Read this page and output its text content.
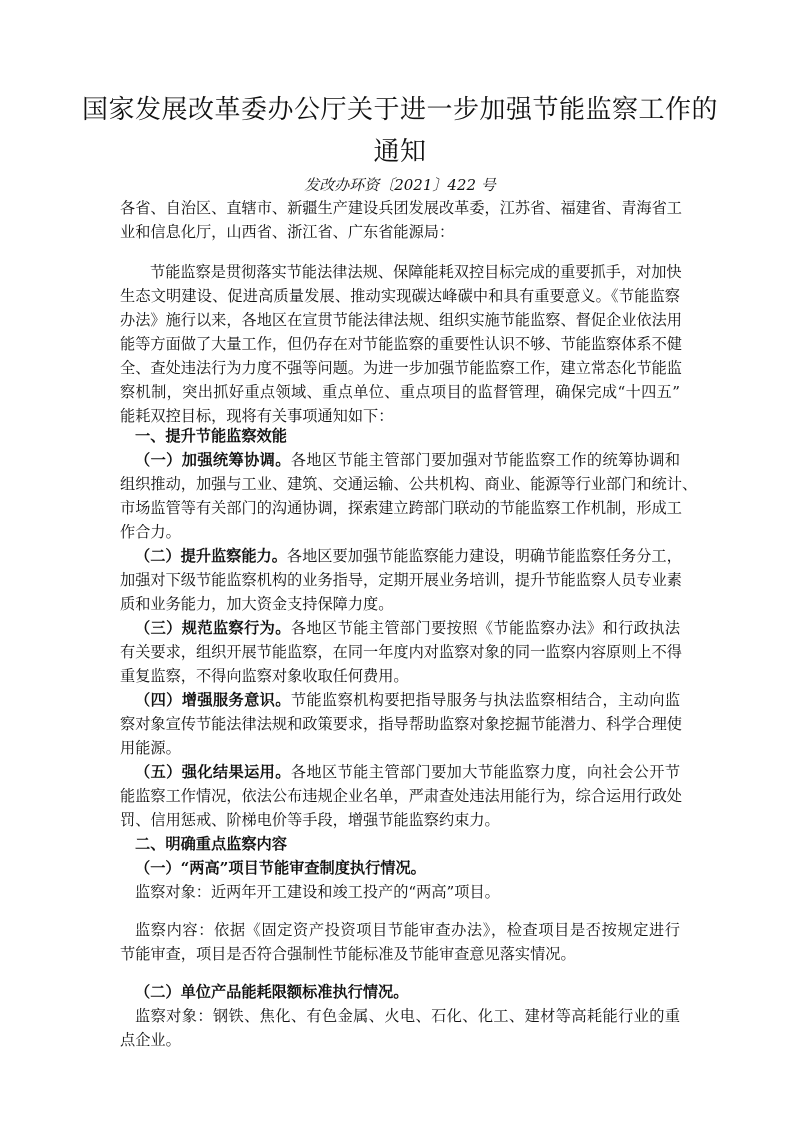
国家发展改革委办公厅关于进一步加强节能监察工作的
通知
发改办环资〔2021〕422 号
各省、自治区、直辖市、新疆生产建设兵团发展改革委，江苏省、福建省、青海省工
业和信息化厅，山西省、浙江省、广东省能源局：
节能监察是贯彻落实节能法律法规、保障能耗双控目标完成的重要抓手，对加快
生态文明建设、促进高质量发展、推动实现碳达峰碳中和具有重要意义。《节能监察
办法》施行以来，各地区在宣贯节能法律法规、组织实施节能监察、督促企业依法用
能等方面做了大量工作，但仍存在对节能监察的重要性认识不够、节能监察体系不健
全、查处违法行为力度不强等问题。为进一步加强节能监察工作，建立常态化节能监
察机制，突出抓好重点领域、重点单位、重点项目的监督管理，确保完成“十四五”
能耗双控目标，现将有关事项通知如下：
一、提升节能监察效能
（一）加强统筹协调。各地区节能主管部门要加强对节能监察工作的统筹协调和
组织推动，加强与工业、建筑、交通运输、公共机构、商业、能源等行业部门和统计、
市场监管等有关部门的沟通协调，探索建立跨部门联动的节能监察工作机制，形成工
作合力。
（二）提升监察能力。各地区要加强节能监察能力建设，明确节能监察任务分工，
加强对下级节能监察机构的业务指导，定期开展业务培训，提升节能监察人员专业素
质和业务能力，加大资金支持保障力度。
（三）规范监察行为。各地区节能主管部门要按照《节能监察办法》和行政执法
有关要求，组织开展节能监察，在同一年度内对监察对象的同一监察内容原则上不得
重复监察，不得向监察对象收取任何费用。
（四）增强服务意识。节能监察机构要把指导服务与执法监察相结合，主动向监
察对象宣传节能法律法规和政策要求，指导帮助监察对象挖掘节能潜力、科学合理使
用能源。
（五）强化结果运用。各地区节能主管部门要加大节能监察力度，向社会公开节
能监察工作情况，依法公布违规企业名单，严肃查处违法用能行为，综合运用行政处
罚、信用惩戒、阶梯电价等手段，增强节能监察约束力。
二、明确重点监察内容
（一）“两高”项目节能审查制度执行情况。
监察对象：近两年开工建设和竣工投产的“两高”项目。
监察内容：依据《固定资产投资项目节能审查办法》，检查项目是否按规定进行
节能审查，项目是否符合强制性节能标准及节能审查意见落实情况。
（二）单位产品能耗限额标准执行情况。
监察对象：钢铁、焦化、有色金属、火电、石化、化工、建材等高耗能行业的重
点企业。
